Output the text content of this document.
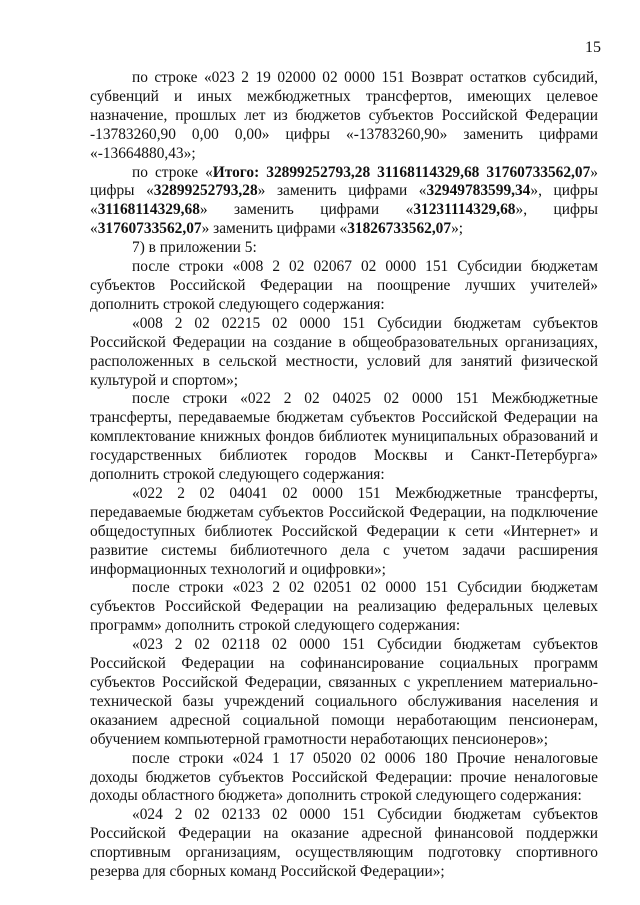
15

по строке «023 2 19 02000 02 0000 151 Возврат остатков субсидий, субвенций и иных межбюджетных трансфертов, имеющих целевое назначение, прошлых лет из бюджетов субъектов Российской Федерации -13783260,90 0,00 0,00» цифры «-13783260,90» заменить цифрами «-13664880,43»;

по строке «Итого: 32899252793,28 31168114329,68 31760733562,07» цифры «32899252793,28» заменить цифрами «32949783599,34», цифры «31168114329,68» заменить цифрами «31231114329,68», цифры «31760733562,07» заменить цифрами «31826733562,07»;

7) в приложении 5:

после строки «008 2 02 02067 02 0000 151 Субсидии бюджетам субъектов Российской Федерации на поощрение лучших учителей» дополнить строкой следующего содержания:

«008 2 02 02215 02 0000 151 Субсидии бюджетам субъектов Российской Федерации на создание в общеобразовательных организациях, расположенных в сельской местности, условий для занятий физической культурой и спортом»;

после строки «022 2 02 04025 02 0000 151 Межбюджетные трансферты, передаваемые бюджетам субъектов Российской Федерации на комплектование книжных фондов библиотек муниципальных образований и государственных библиотек городов Москвы и Санкт-Петербурга» дополнить строкой следующего содержания:

«022 2 02 04041 02 0000 151 Межбюджетные трансферты, передаваемые бюджетам субъектов Российской Федерации, на подключение общедоступных библиотек Российской Федерации к сети «Интернет» и развитие системы библиотечного дела с учетом задачи расширения информационных технологий и оцифровки»;

после строки «023 2 02 02051 02 0000 151 Субсидии бюджетам субъектов Российской Федерации на реализацию федеральных целевых программ» дополнить строкой следующего содержания:

«023 2 02 02118 02 0000 151 Субсидии бюджетам субъектов Российской Федерации на софинансирование социальных программ субъектов Российской Федерации, связанных с укреплением материально-технической базы учреждений социального обслуживания населения и оказанием адресной социальной помощи неработающим пенсионерам, обучением компьютерной грамотности неработающих пенсионеров»;

после строки «024 1 17 05020 02 0006 180 Прочие неналоговые доходы бюджетов субъектов Российской Федерации: прочие неналоговые доходы областного бюджета» дополнить строкой следующего содержания:

«024 2 02 02133 02 0000 151 Субсидии бюджетам субъектов Российской Федерации на оказание адресной финансовой поддержки спортивным организациям, осуществляющим подготовку спортивного резерва для сборных команд Российской Федерации»;
